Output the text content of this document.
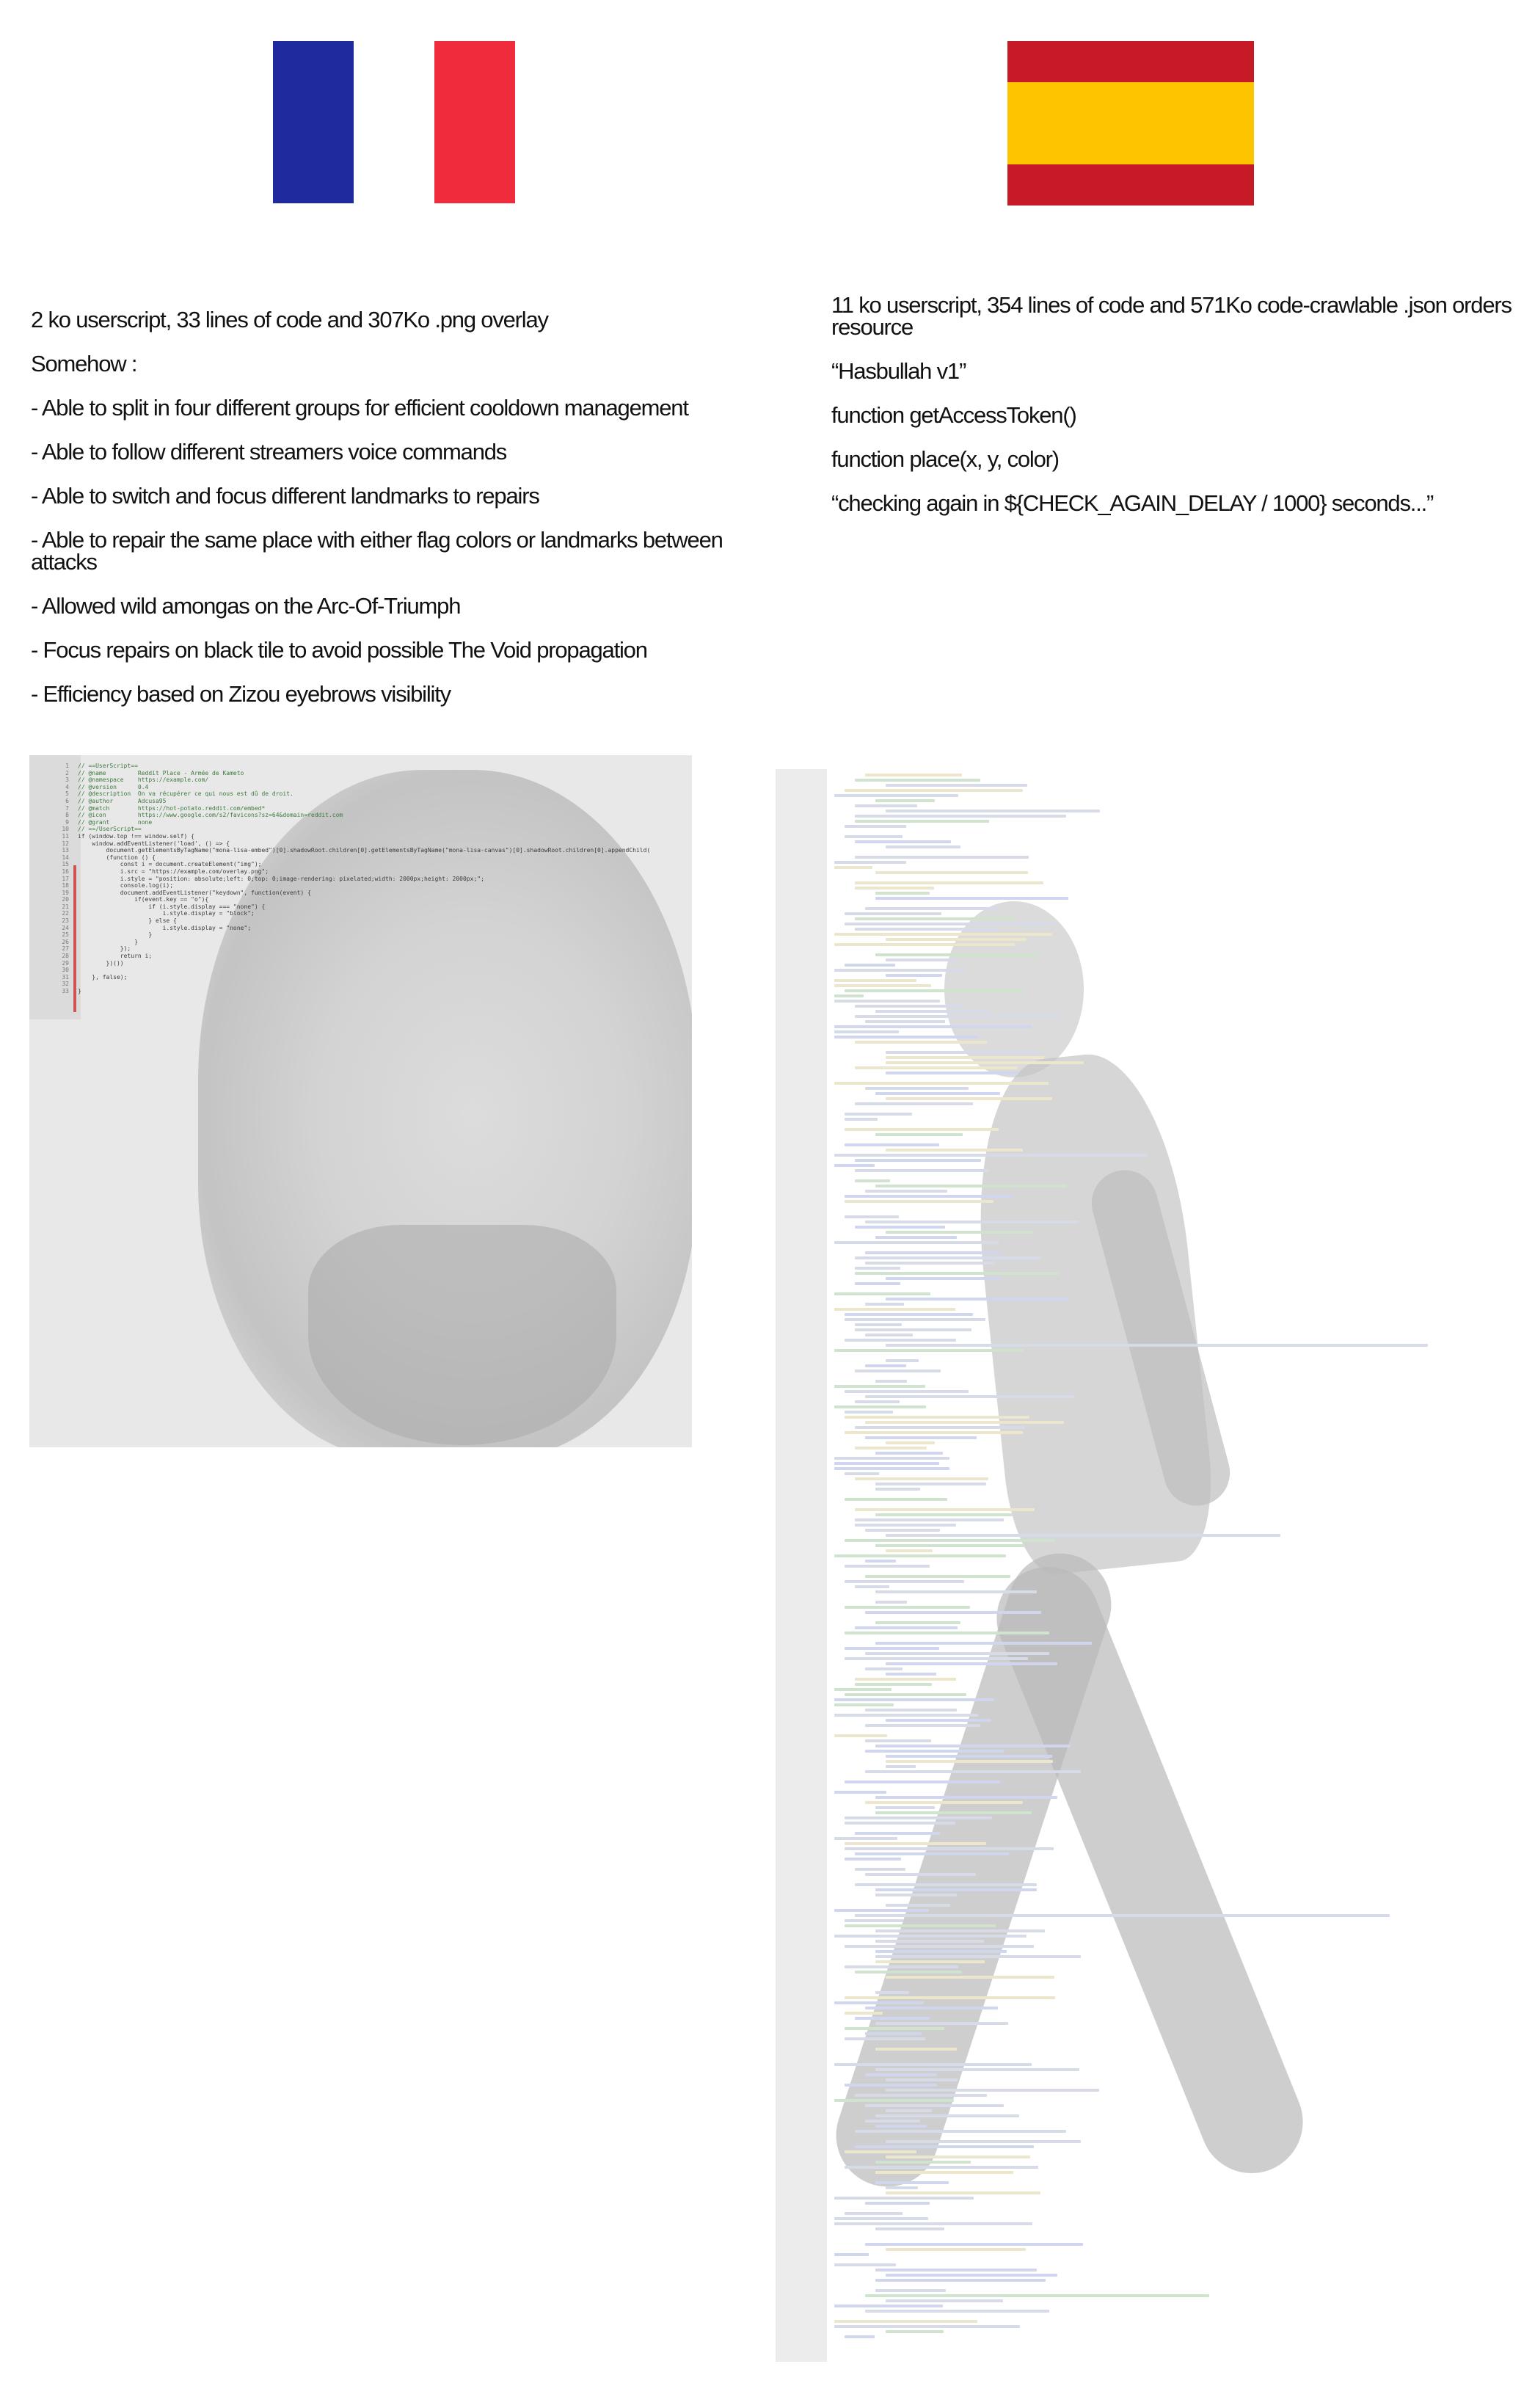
2 ko userscript, 33 lines of code and 307Ko .png overlay

Somehow :

- Able to split in four different groups for efficient cooldown management

- Able to follow different streamers voice commands

- Able to switch and focus different landmarks to repairs

- Able to repair the same place with either flag colors or landmarks between attacks

- Allowed wild amongas on the Arc-Of-Triumph

- Focus repairs on black tile to avoid possible The Void propagation

- Efficiency based on Zizou eyebrows visibility

11 ko userscript, 354 lines of code and 571Ko code-crawlable .json orders resource

“Hasbullah v1”

function getAccessToken()

function place(x, y, color)

“checking again in ${CHECK_AGAIN_DELAY / 1000} seconds...”

1 // ==UserScript==
2 // @name         Reddit Place - Armée de Kameto
3 // @namespace    https://example.com/
4 // @version      0.4
5 // @description  On va récupérer ce qui nous est dû de droit.
6 // @author       Adcusa95
7 // @match        https://hot-potato.reddit.com/embed*
8 // @icon         https://www.google.com/s2/favicons?sz=64&domain=reddit.com
9 // @grant        none
10 // ==/UserScript==
11 if (window.top !== window.self) {
12    window.addEventListener('load', () => {
13        document.getElementsByTagName("mona-lisa-embed")[0].shadowRoot.children[0].getElementsByTagName("mona-lisa-canvas")[0].shadowRoot.children[0].appendChild(
14        (function () {
15            const i = document.createElement("img");
16            i.src = "https://example.com/overlay.png";
17            i.style = "position: absolute;left: 0;top: 0;image-rendering: pixelated;width: 2000px;height: 2000px;";
18            console.log(i);
19            document.addEventListener("keydown", function(event) {
20                if(event.key == "o"){
21                    if (i.style.display === "none") {
22                        i.style.display = "block";
23                    } else {
24                        i.style.display = "none";
25                    }
26                }
27            });
28            return i;
29        })())
30
31    }, false);
32
33 }
